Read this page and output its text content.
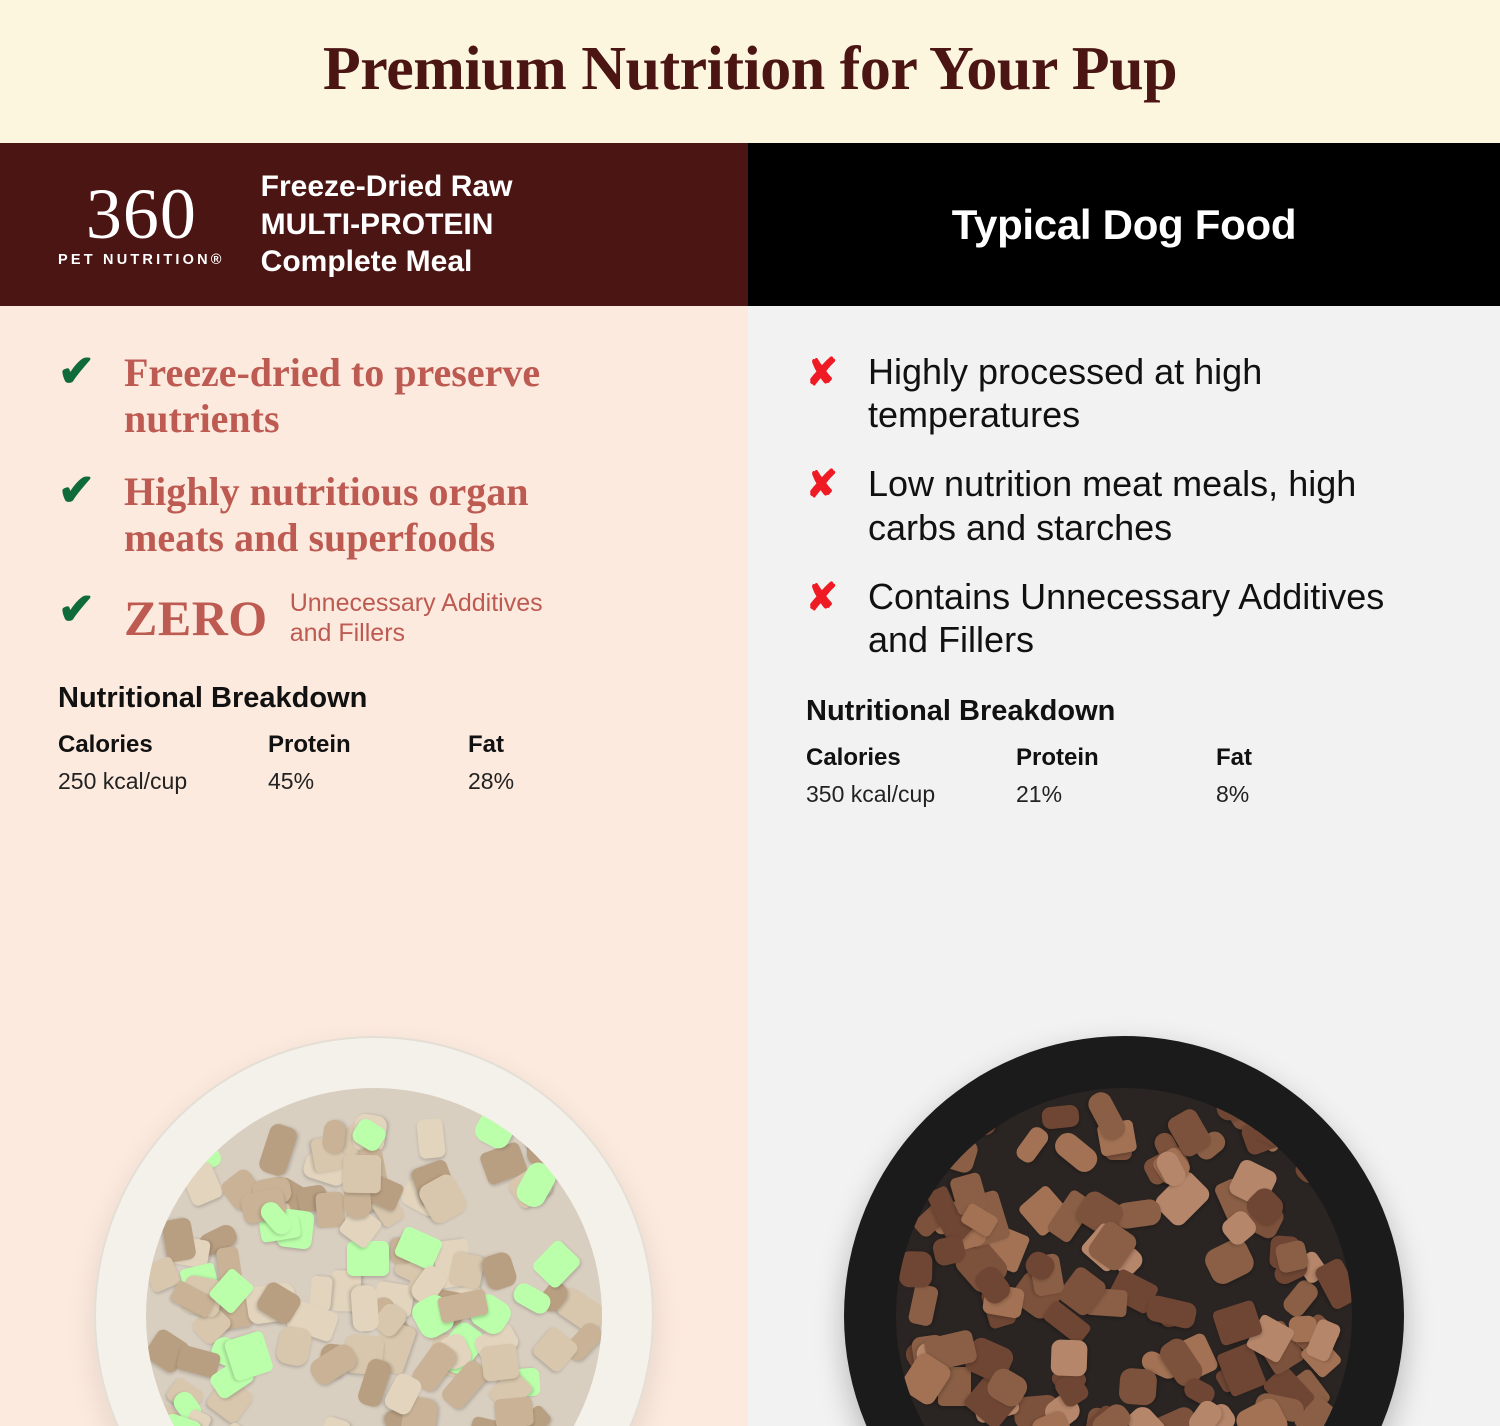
Premium Nutrition for Your Pup
360
PET NUTRITION®
Freeze-Dried Raw
MULTI-PROTEIN
Complete Meal
Typical Dog Food
✔ Freeze-dried to preserve nutrients
✔ Highly nutritious organ meats and superfoods
✔ ZERO Unnecessary Additives and Fillers
Nutritional Breakdown
Calories
250 kcal/cup
Protein
45%
Fat
28%
✘ Highly processed at high temperatures
✘ Low nutrition meat meals, high carbs and starches
✘ Contains Unnecessary Additives and Fillers
Nutritional Breakdown
Calories
350 kcal/cup
Protein
21%
Fat
8%
